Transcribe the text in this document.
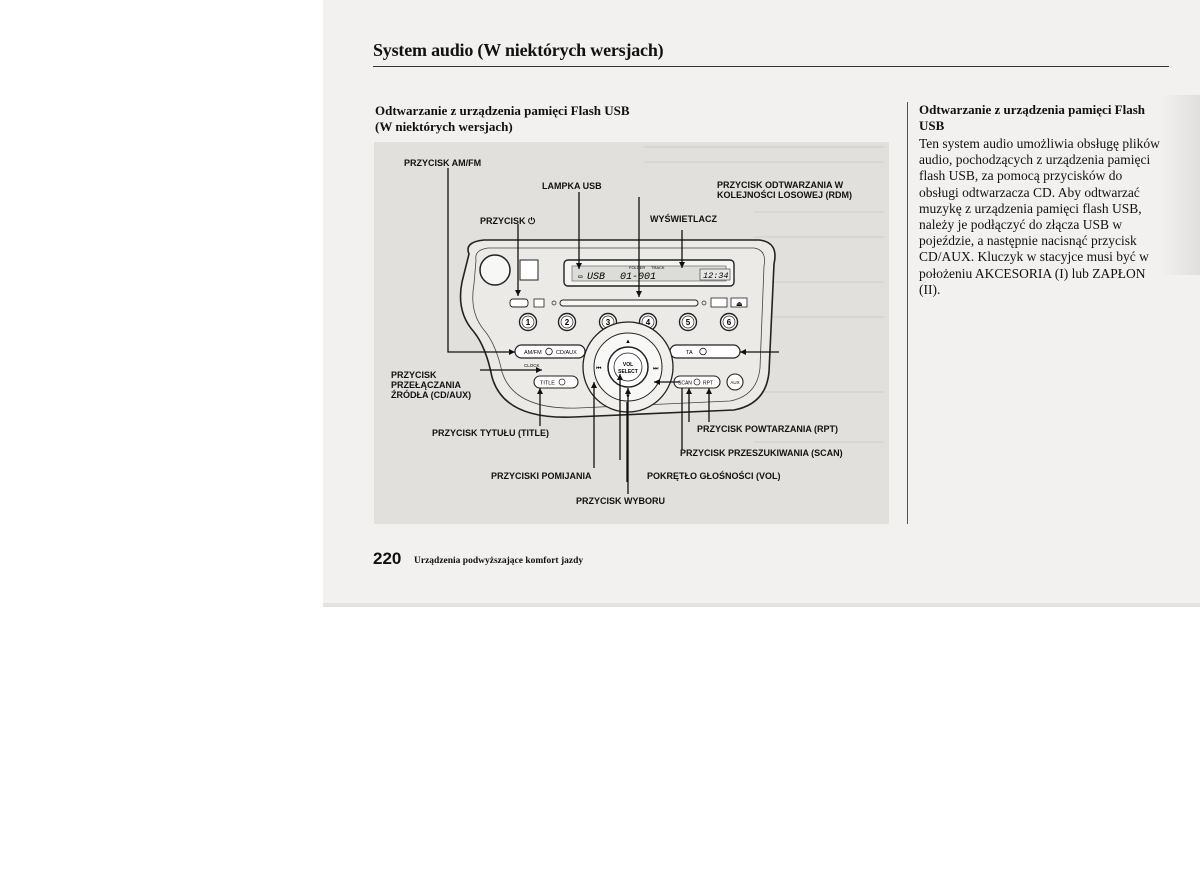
System audio (W niektórych wersjach)
Odtwarzanie z urządzenia pamięci Flash USB (W niektórych wersjach)
▭ USB 01-001
FOLDER TRACK
12:34
⏏
1	2	3	4	5	6
AM/FM	CD/AUX
CLOCK
TA
VOL
SELECT
▲
▼
⏮	⏭
TITLE	SCAN RPT	AUX
PRZYCISK AM/FM
LAMPKA USB	PRZYCISK ODTWARZANIA W KOLEJNOŚCI LOSOWEJ (RDM)
PRZYCISK ⏻	WYŚWIETLACZ
PRZYCISK PRZEŁĄCZANIA ŹRÓDŁA (CD/AUX)
PRZYCISK TYTUŁU (TITLE)	PRZYCISK POWTARZANIA (RPT)
PRZYCISK PRZESZUKIWANIA (SCAN)
PRZYCISKI POMIJANIA	POKRĘTŁO GŁOŚNOŚCI (VOL)
PRZYCISK WYBORU
Odtwarzanie z urządzenia pamięci Flash USB
Ten system audio umożliwia obsługę plików audio, pochodzących z urządzenia pamięci flash USB, za pomocą przycisków do obsługi odtwarzacza CD. Aby odtwarzać muzykę z urządzenia pamięci flash USB, należy je podłączyć do złącza USB w pojeździe, a następnie nacisnąć przycisk CD/AUX. Kluczyk w stacyjce musi być w położeniu AKCESORIA (I) lub ZAPŁON (II).
220 Urządzenia podwyższające komfort jazdy
